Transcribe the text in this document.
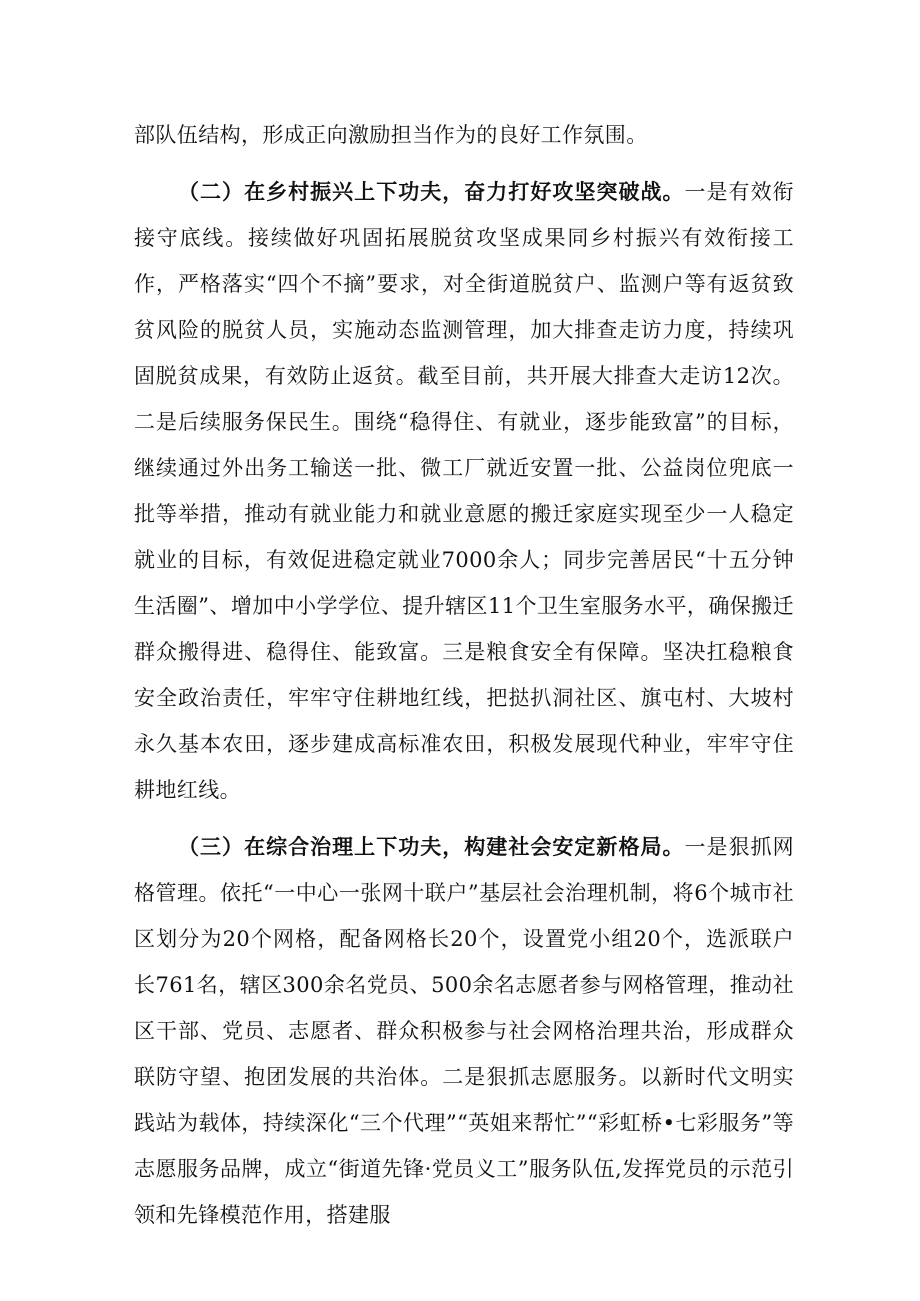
部队伍结构，形成正向激励担当作为的良好工作氛围。

（二）在乡村振兴上下功夫，奋力打好攻坚突破战。一是有效衔接守底线。接续做好巩固拓展脱贫攻坚成果同乡村振兴有效衔接工作，严格落实“四个不摘”要求，对全街道脱贫户、监测户等有返贫致贫风险的脱贫人员，实施动态监测管理，加大排查走访力度，持续巩固脱贫成果，有效防止返贫。截至目前，共开展大排查大走访12次。二是后续服务保民生。围绕“稳得住、有就业，逐步能致富”的目标，继续通过外出务工输送一批、微工厂就近安置一批、公益岗位兜底一批等举措，推动有就业能力和就业意愿的搬迁家庭实现至少一人稳定就业的目标，有效促进稳定就业7000余人；同步完善居民“十五分钟生活圈”、增加中小学学位、提升辖区11个卫生室服务水平，确保搬迁群众搬得进、稳得住、能致富。三是粮食安全有保障。坚决扛稳粮食安全政治责任，牢牢守住耕地红线，把挞扒洞社区、旗屯村、大坡村永久基本农田，逐步建成高标准农田，积极发展现代种业，牢牢守住耕地红线。

（三）在综合治理上下功夫，构建社会安定新格局。一是狠抓网格管理。依托“一中心一张网十联户”基层社会治理机制，将6个城市社区划分为20个网格，配备网格长20个，设置党小组20个，选派联户长761名，辖区300余名党员、500余名志愿者参与网格管理，推动社区干部、党员、志愿者、群众积极参与社会网格治理共治，形成群众联防守望、抱团发展的共治体。二是狠抓志愿服务。以新时代文明实践站为载体，持续深化“三个代理”“英姐来帮忙”“彩虹桥•七彩服务”等志愿服务品牌，成立“街道先锋·党员义工”服务队伍,发挥党员的示范引领和先锋模范作用，搭建服
